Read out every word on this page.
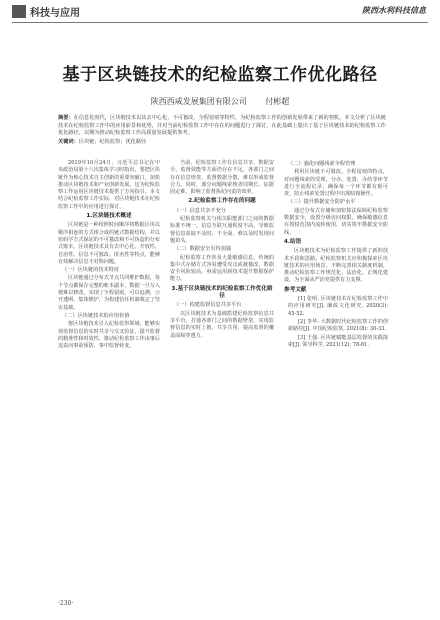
科技与应用	陕西水利科技信息
基于区块链技术的纪检监察工作优化路径
陕西西咸发展集团有限公司 付彬超
摘要：在信息化时代，区块链技术以其去中心化、不可篡改、全程留痕等特性，为纪检监察工作的创新发展带来了新的契机。本文分析了区块链技术在纪检监察工作中的应用前景和优势，并对当前纪检监察工作中存在的问题进行了探讨，在此基础上提出了基于区块链技术的纪检监察工作优化路径，以期为推动纪检监察工作高质量发展提供参考。
关键词：区块链；纪检监察；优化路径

2019年10月24日，习近平总书记在中央政治局第十八次集体学习时指出，要把区块链作为核心技术自主创新的重要突破口，加快推动区块链技术和产业创新发展。这为纪检监察工作运用区块链技术提供了方向指引。本文结合纪检监察工作实际，对区块链技术在纪检监察工作中的应用进行探讨。

1.区块链技术概述

区块链是一种按照时间顺序将数据区块以顺序相连的方式组合成的链式数据结构，并以密码学方式保证的不可篡改和不可伪造的分布式账本。区块链技术具有去中心化、开放性、自治性、信息不可篡改、匿名性等特点，能够有效解决信息不对称问题。

（一）区块链的技术特征

区块链通过分布式节点共同维护数据，每个节点都保存完整的账本副本，数据一旦写入便难以修改，实现了全程留痕、可以追溯、公开透明、集体维护，为构建信任机制奠定了坚实基础。

（二）区块链技术的应用价值

将区块链技术引入纪检监察领域，能够实现监督信息的实时共享与交叉验证，提升监督的精准性和时效性，推动纪检监察工作由事后追责向事前预防、事中监督转变。

当前，纪检监察工作在信息共享、数据安全、监督效能等方面仍存在不足，各部门之间存在信息壁垒，监督数据分散，难以形成监督合力。同时，部分问题线索核查周期长、证据固定难，影响了监督执纪问责的效率。

2.纪检监察工作存在的问题
（一）信息共享不充分

纪检监察机关与相关职能部门之间的数据标准不统一，信息互联互通程度不高，导致监督信息获取不及时、不全面，难以及时发现问题苗头。

（二）数据安全有待加强

纪检监察工作涉及大量敏感信息，传统的集中式存储方式容易遭受攻击或被篡改，数据安全风险较高，亟需运用新技术提升数据保护能力。

3.基于区块链技术的纪检监察工作优化路径
（一）构建监督信息共享平台

以区块链技术为基础搭建纪检监察信息共享平台，打通各部门之间的数据壁垒，实现监督信息的实时上链、共享共用，提高监督的覆盖面和穿透力。

（二）强化问题线索全程管理

利用区块链不可篡改、全程留痕的特点，对问题线索的受理、分办、处置、办结等环节进行全流程记录，确保每一个环节都有据可查，防止线索处置过程中出现暗箱操作。

（三）提升数据安全防护水平

通过分布式存储和加密算法保障纪检监察数据安全，设置分级访问权限，确保敏感信息在授权范围内流转使用，切实筑牢数据安全防线。

4.结语

区块链技术为纪检监察工作提供了新的技术手段和思路。纪检监察机关应积极探索区块链技术的应用场景，不断完善相关制度机制，推动纪检监察工作规范化、法治化、正规化建设，为全面从严治党提供有力支撑。

参考文献

[1] 张明. 区块链技术在纪检监察工作中的应用研究[J]. 廉政文化研究, 2020(3): 45-52.

[2] 李华. 大数据时代纪检监察工作的创新路径[J]. 中国纪检监察, 2021(8): 30-33.

[3] 王强. 区块链赋能基层监督的实践探索[J]. 领导科学, 2021(12): 78-81.

·230·
